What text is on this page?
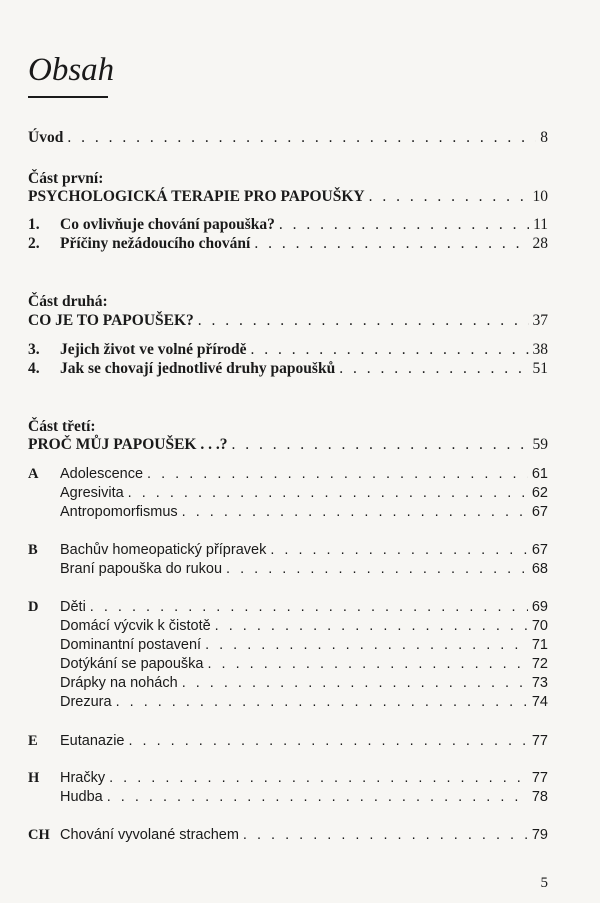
Obsah
Úvod . . .	8
Část první:
PSYCHOLOGICKÁ TERAPIE PRO PAPOUŠKY . . .	10
1.	Co ovlivňuje chování papouška? . . .	11
2.	Příčiny nežádoucího chování . . .	28
Část druhá:
CO JE TO PAPOUŠEK? . . .	37
3.	Jejich život ve volné přírodě . . .	38
4.	Jak se chovají jednotlivé druhy papoušků . . .	51
Část třetí:
PROČ MŮJ PAPOUŠEK . . .? . . .	59
A	Adolescence . . .	61
Agresivita . . .	62
Antropomorfismus . . .	67
B	Bachův homeopatický přípravek . . .	67
Braní papouška do rukou . . .	68
D	Děti . . .	69
Domácí výcvik k čistotě . . .	70
Dominantní postavení . . .	71
Dotýkání se papouška . . .	72
Drápky na nohách . . .	73
Drezura . . .	74
E	Eutanazie . . .	77
H	Hračky . . .	77
Hudba . . .	78
CH Chování vyvolané strachem . . .	79
5
